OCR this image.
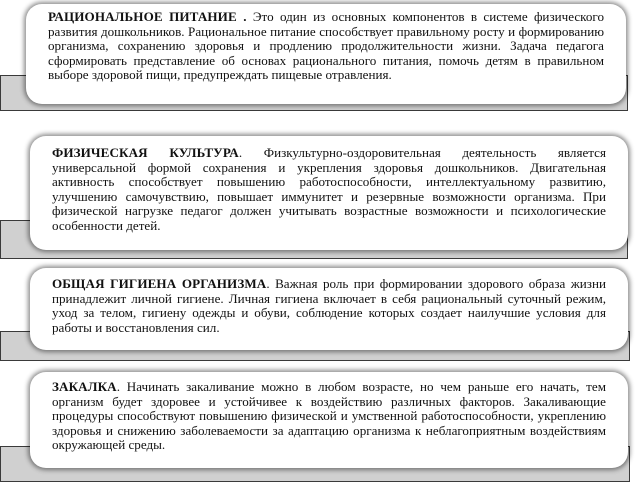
РАЦИОНАЛЬНОЕ ПИТАНИЕ . Это один из основных компонентов в системе физического развития дошкольников. Рациональное питание способствует правильному росту и формированию организма, сохранению здоровья и продлению продолжительности жизни. Задача педагога сформировать представление об основах рационального питания, помочь детям в правильном выборе здоровой пищи, предупреждать пищевые отравления.

ФИЗИЧЕСКАЯ КУЛЬТУРА. Физкультурно-оздоровительная деятельность является универсальной формой сохранения и укрепления здоровья дошкольников. Двигательная активность способствует повышению работоспособности, интеллектуальному развитию, улучшению самочувствию, повышает иммунитет и резервные возможности организма. При физической нагрузке педагог должен учитывать возрастные возможности и психологические особенности детей.

ОБЩАЯ ГИГИЕНА ОРГАНИЗМА. Важная роль при формировании здорового образа жизни принадлежит личной гигиене. Личная гигиена включает в себя рациональный суточный режим, уход за телом, гигиену одежды и обуви, соблюдение которых создает наилучшие условия для работы и восстановления сил.

ЗАКАЛКА. Начинать закаливание можно в любом возрасте, но чем раньше его начать, тем организм будет здоровее и устойчивее к воздействию различных факторов. Закаливающие процедуры способствуют повышению физической и умственной работоспособности, укреплению здоровья и снижению заболеваемости за адаптацию организма к неблагоприятным воздействиям окружающей среды.
